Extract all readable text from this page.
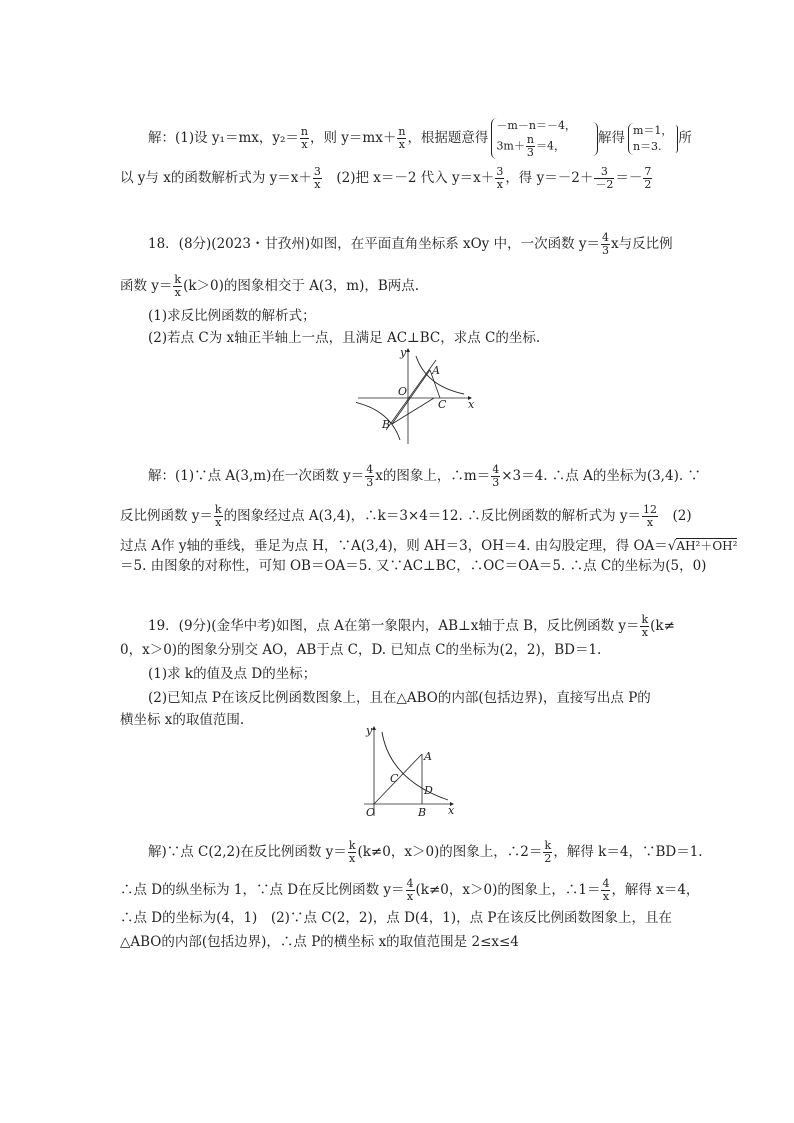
解：(1)设 y₁＝mx，$y_2= \frac{n}{x}$ ，则 $y=mx+ \frac{n}{x}$ ，根据题意得
－m－n＝－4，
$3m+ \frac{n}{3} =4$，	解得 m＝1，
n＝3.	所
以 y与 x的函数解析式为 $y=x+ \frac{3}{x}$ 　(2)把 x＝－2 代入 $y=x+ \frac{3}{x}$ ，得 $y=-2+ \frac{3}{-2} =- \frac{7}{2}$
18．(8分)(2023・甘孜州)如图，在平面直角坐标系 xOy 中，一次函数 $y= \frac{4}{3}$ x与反比例
函数 $y= \frac{k}{x} (k>0)$的图象相交于 A(3，m)，B两点.
(1)求反比例函数的解析式；
(2)若点 C为 x轴正半轴上一点，且满足 AC⊥BC，求点 C的坐标.
y
x
O
A
B
C
解：(1)∵点 A(3,m)在一次函数 $y= \frac{4}{3}$ x的图象上，∴m＝ $\frac{4}{3} \times 3=4$. ∴点 A的坐标为(3,4). ∵
反比例函数 $y= \frac{k}{x}$ 的图象经过点 A(3,4)，∴k＝3×4＝12. ∴反比例函数的解析式为 $y= \frac{12}{x}$ 　(2)
过点 A作 y轴的垂线，垂足为点 H，∵A(3,4)，则 AH＝3，OH＝4. 由勾股定理，得 OA＝√AH²＋OH²
＝5. 由图象的对称性，可知 OB＝OA＝5. 又∵AC⊥BC，∴OC＝OA＝5. ∴点 C的坐标为(5，0)
19．(9分)(金华中考)如图，点 A在第一象限内，AB⊥x轴于点 B，反比例函数 $y= \frac{k}{x} (k\ne$
0，x＞0)的图象分别交 AO，AB于点 C，D. 已知点 C的坐标为(2，2)，BD＝1.
(1)求 k的值及点 D的坐标；
(2)已知点 P在该反比例函数图象上，且在△ABO的内部(包括边界)，直接写出点 P的
横坐标 x的取值范围.
y
x
O
A
B
C
D
解)∵点 C(2,2)在反比例函数 $y= \frac{k}{x} (k\ne 0$，x＞0)的图象上，∴2＝ $\frac{k}{2}$ ，解得 k＝4，∵BD＝1.
∴点 D的纵坐标为 1，∵点 D在反比例函数 $y= \frac{4}{x} (k\ne 0$，x＞0)的图象上，∴1＝ $\frac{4}{x}$ ，解得 x＝4，
∴点 D的坐标为(4，1)　(2)∵点 C(2，2)，点 D(4，1)，点 P在该反比例函数图象上，且在
△ABO的内部(包括边界)，∴点 P的横坐标 x的取值范围是 2≤x≤4
